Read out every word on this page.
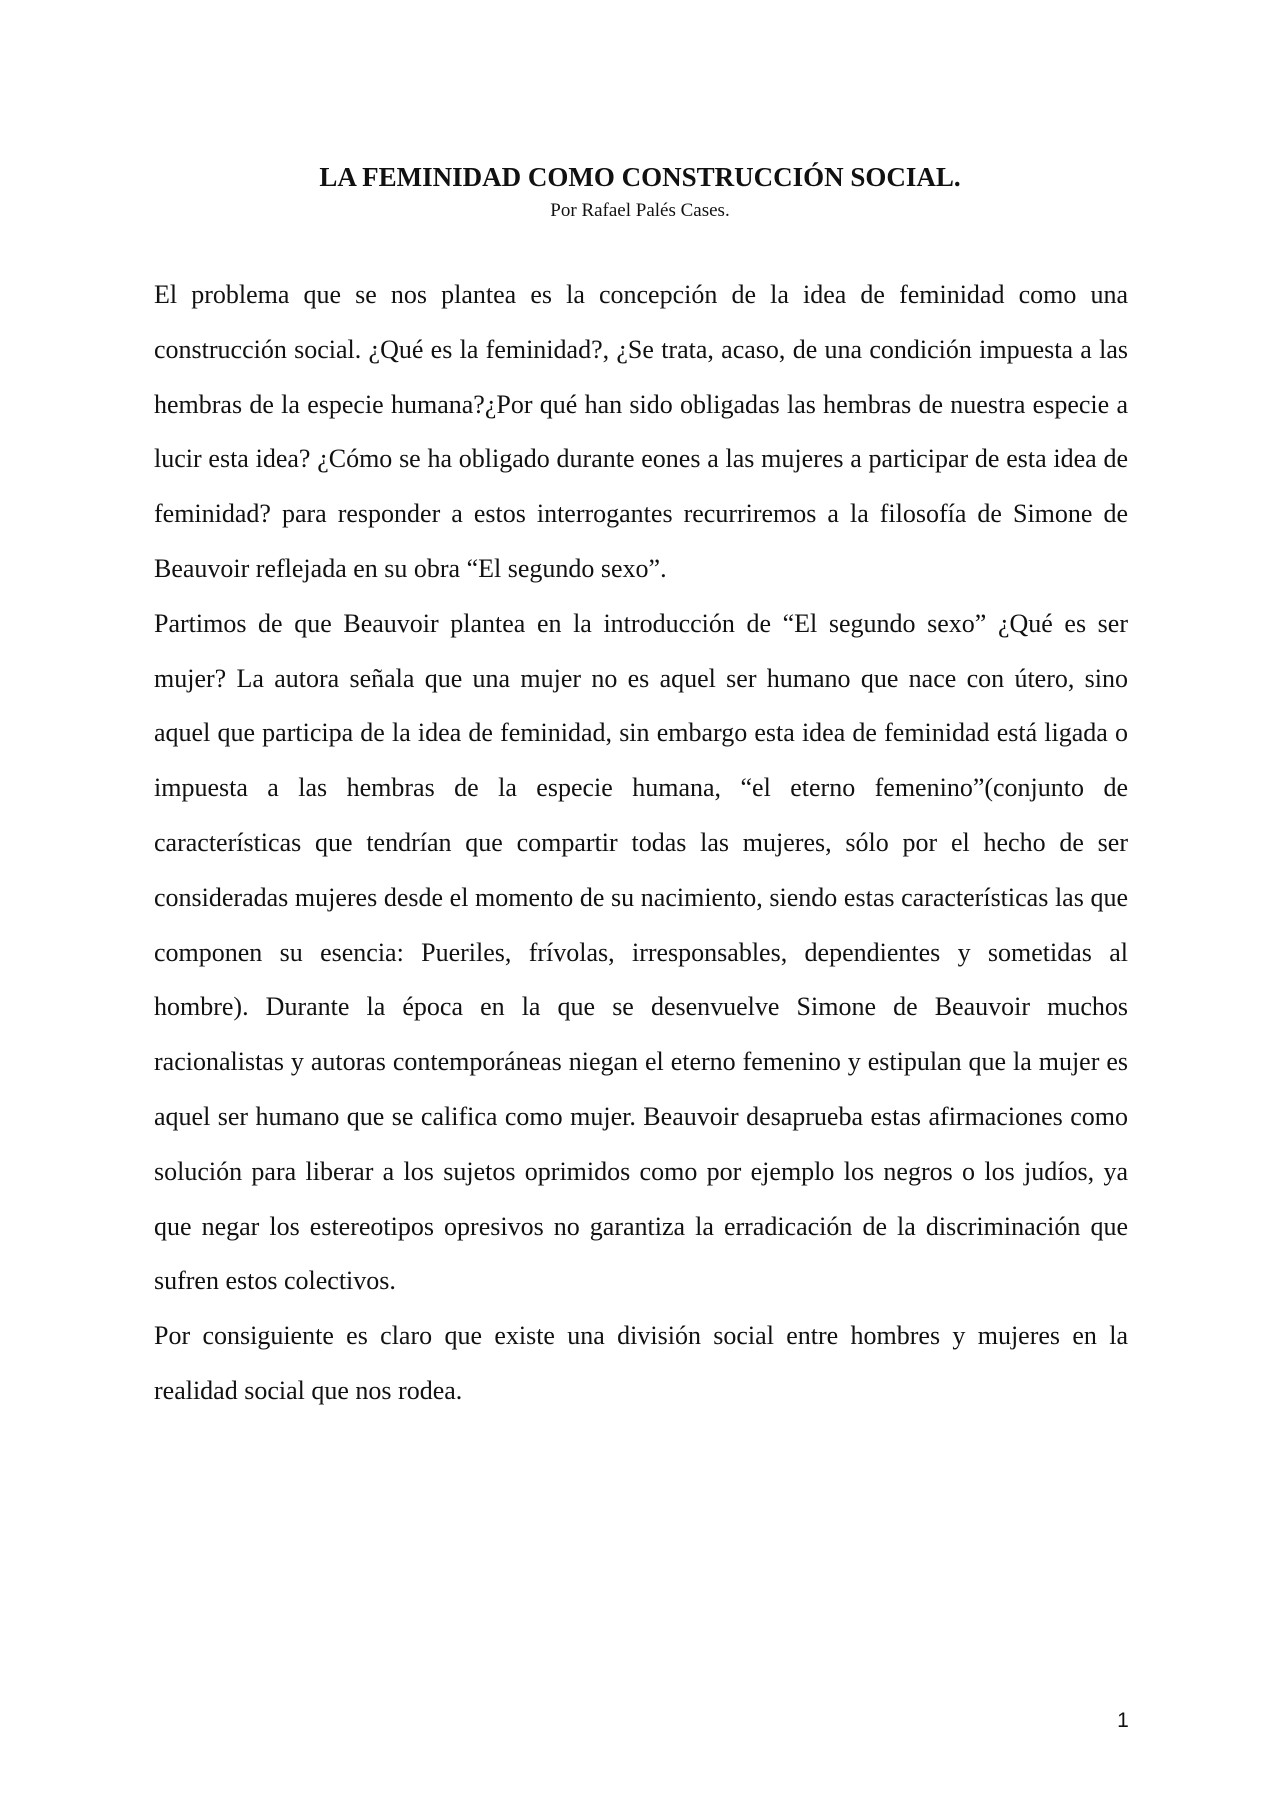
LA FEMINIDAD COMO CONSTRUCCIÓN SOCIAL.
Por Rafael Palés Cases.

El problema que se nos plantea es la concepción de la idea de feminidad como una construcción social. ¿Qué es la feminidad?, ¿Se trata, acaso, de una condición impuesta a las hembras de la especie humana?¿Por qué han sido obligadas las hembras de nuestra especie a lucir esta idea? ¿Cómo se ha obligado durante eones a las mujeres a participar de esta idea de feminidad? para responder a estos interrogantes recurriremos a la filosofía de Simone de Beauvoir reflejada en su obra “El segundo sexo”.

Partimos de que Beauvoir plantea en la introducción de “El segundo sexo” ¿Qué es ser mujer? La autora señala que una mujer no es aquel ser humano que nace con útero, sino aquel que participa de la idea de feminidad, sin embargo esta idea de feminidad está ligada o impuesta a las hembras de la especie humana, “el eterno femenino”(conjunto de características que tendrían que compartir todas las mujeres, sólo por el hecho de ser consideradas mujeres desde el momento de su nacimiento, siendo estas características las que componen su esencia: Pueriles, frívolas, irresponsables, dependientes y sometidas al hombre). Durante la época en la que se desenvuelve Simone de Beauvoir muchos racionalistas y autoras contemporáneas niegan el eterno femenino y estipulan que la mujer es aquel ser humano que se califica como mujer. Beauvoir desaprueba estas afirmaciones como solución para liberar a los sujetos oprimidos como por ejemplo los negros o los judíos, ya que negar los estereotipos opresivos no garantiza la erradicación de la discriminación que sufren estos colectivos.

Por consiguiente es claro que existe una división social entre hombres y mujeres en la realidad social que nos rodea.

1
